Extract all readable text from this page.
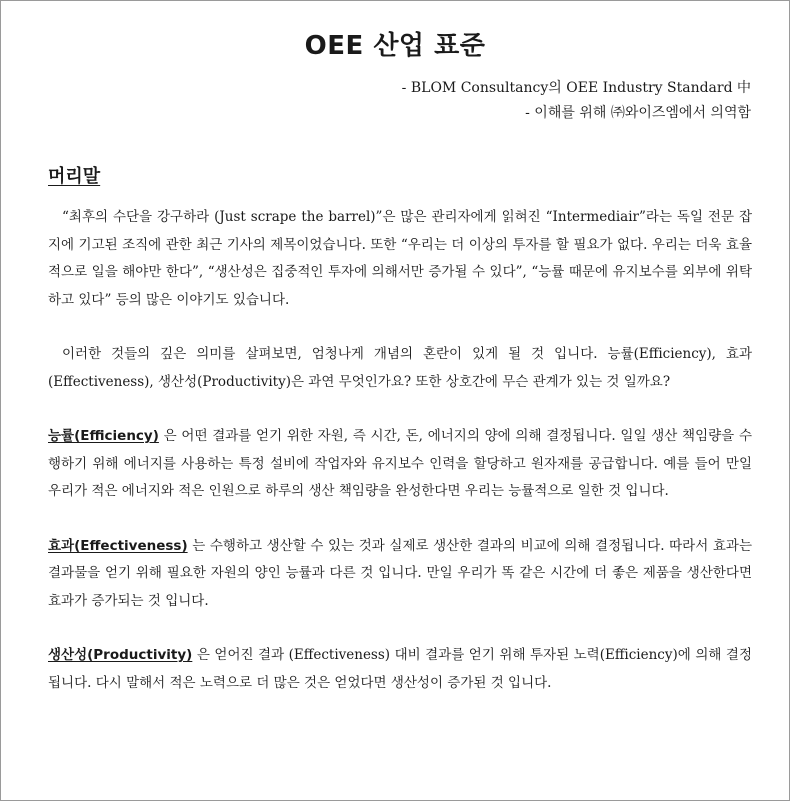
OEE 산업 표준
- BLOM Consultancy의 OEE Industry Standard 中
- 이해를 위해 ㈜와이즈엠에서 의역함
머리말

“최후의 수단을 강구하라 (Just scrape the barrel)”은 많은 관리자에게 읽혀진 “Intermediair”라는 독일 전문 잡지에 기고된 조직에 관한 최근 기사의 제목이었습니다. 또한 “우리는 더 이상의 투자를 할 필요가 없다. 우리는 더욱 효율적으로 일을 해야만 한다”, “생산성은 집중적인 투자에 의해서만 증가될 수 있다”, “능률 때문에 유지보수를 외부에 위탁하고 있다” 등의 많은 이야기도 있습니다.

이러한 것들의 깊은 의미를 살펴보면, 엄청나게 개념의 혼란이 있게 될 것 입니다. 능률(Efficiency), 효과(Effectiveness), 생산성(Productivity)은 과연 무엇인가요? 또한 상호간에 무슨 관계가 있는 것 일까요?

능률(Efficiency) 은 어떤 결과를 얻기 위한 자원, 즉 시간, 돈, 에너지의 양에 의해 결정됩니다. 일일 생산 책임량을 수행하기 위해 에너지를 사용하는 특정 설비에 작업자와 유지보수 인력을 할당하고 원자재를 공급합니다. 예를 들어 만일 우리가 적은 에너지와 적은 인원으로 하루의 생산 책임량을 완성한다면 우리는 능률적으로 일한 것 입니다.

효과(Effectiveness) 는 수행하고 생산할 수 있는 것과 실제로 생산한 결과의 비교에 의해 결정됩니다. 따라서 효과는 결과물을 얻기 위해 필요한 자원의 양인 능률과 다른 것 입니다. 만일 우리가 똑 같은 시간에 더 좋은 제품을 생산한다면 효과가 증가되는 것 입니다.

생산성(Productivity) 은 얻어진 결과 (Effectiveness) 대비 결과를 얻기 위해 투자된 노력(Efficiency)에 의해 결정됩니다. 다시 말해서 적은 노력으로 더 많은 것은 얻었다면 생산성이 증가된 것 입니다.
